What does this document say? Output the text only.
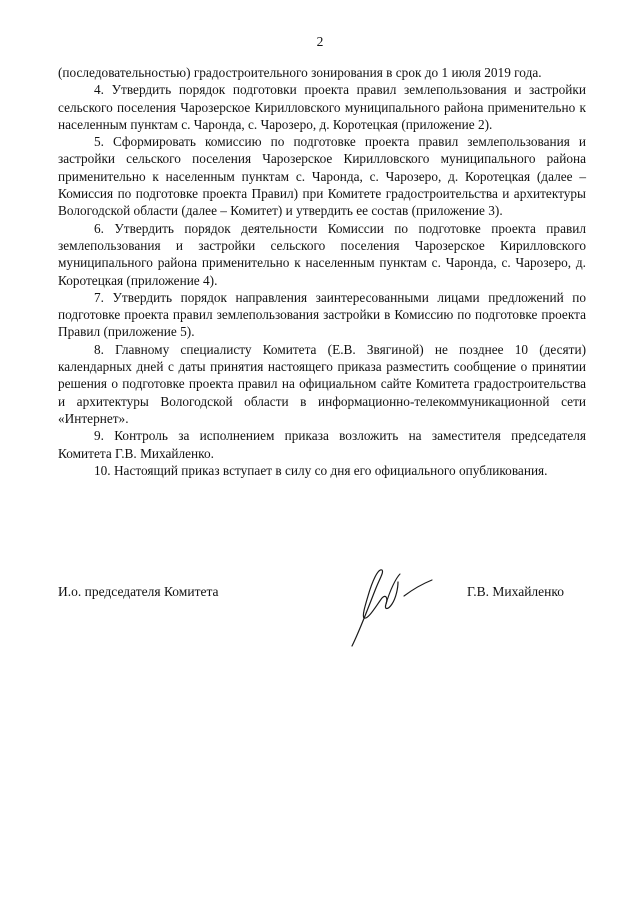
2

(последовательностью) градостроительного зонирования в срок до 1 июля 2019 года.

4. Утвердить порядок подготовки проекта правил землепользования и застройки сельского поселения Чарозерское Кирилловского муниципального района применительно к населенным пунктам с. Чаронда, с. Чарозеро, д. Коротецкая (приложение 2).

5. Сформировать комиссию по подготовке проекта правил землепользования и застройки сельского поселения Чарозерское Кирилловского муниципального района применительно к населенным пунктам с. Чаронда, с. Чарозеро, д. Коротецкая (далее – Комиссия по подготовке проекта Правил) при Комитете градостроительства и архитектуры Вологодской области (далее – Комитет) и утвердить ее состав (приложение 3).

6. Утвердить порядок деятельности Комиссии по подготовке проекта правил землепользования и застройки сельского поселения Чарозерское Кирилловского муниципального района применительно к населенным пунктам с. Чаронда, с. Чарозеро, д. Коротецкая (приложение 4).

7. Утвердить порядок направления заинтересованными лицами предложений по подготовке проекта правил землепользования застройки в Комиссию по подготовке проекта Правил (приложение 5).

8. Главному специалисту Комитета (Е.В. Звягиной) не позднее 10 (десяти) календарных дней с даты принятия настоящего приказа разместить сообщение о принятии решения о подготовке проекта правил на официальном сайте Комитета градостроительства и архитектуры Вологодской области в информационно-телекоммуникационной сети «Интернет».

9. Контроль за исполнением приказа возложить на заместителя председателя Комитета Г.В. Михайленко.

10. Настоящий приказ вступает в силу со дня его официального опубликования.

И.о. председателя Комитета	Г.В. Михайленко
